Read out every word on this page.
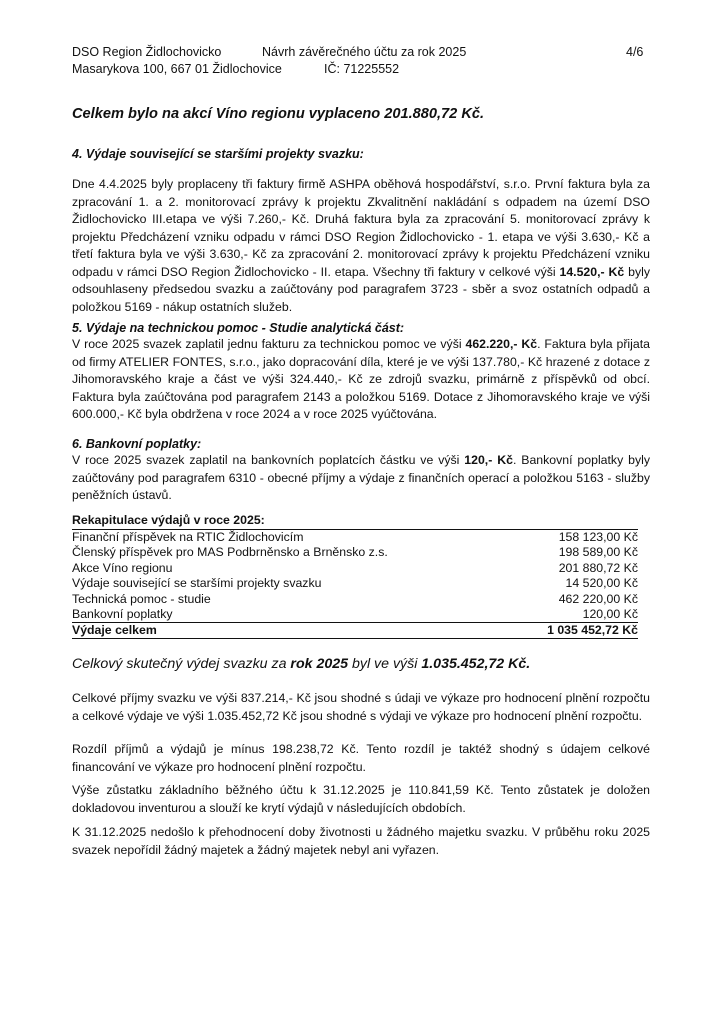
DSO Region Židlochovicko	Návrh závěrečného účtu za rok 2025	4/6
Masarykova 100, 667 01 Židlochovice	IČ: 71225552
Celkem bylo na akcí Víno regionu vyplaceno 201.880,72 Kč.
4. Výdaje související se staršími projekty svazku:

Dne 4.4.2025 byly proplaceny tři faktury firmě ASHPA oběhová hospodářství, s.r.o. První faktura byla za zpracování 1. a 2. monitorovací zprávy k projektu Zkvalitnění nakládání s odpadem na území DSO Židlochovicko III.etapa ve výši 7.260,- Kč. Druhá faktura byla za zpracování 5. monitorovací zprávy k projektu Předcházení vzniku odpadu v rámci DSO Region Židlochovicko - 1. etapa ve výši 3.630,- Kč a třetí faktura byla ve výši 3.630,- Kč za zpracování 2. monitorovací zprávy k projektu Předcházení vzniku odpadu v rámci DSO Region Židlochovicko - II. etapa. Všechny tři faktury v celkové výši 14.520,- Kč byly odsouhlaseny předsedou svazku a zaúčtovány pod paragrafem 3723 - sběr a svoz ostatních odpadů a položkou 5169 - nákup ostatních služeb.

5. Výdaje na technickou pomoc - Studie analytická část:

V roce 2025 svazek zaplatil jednu fakturu za technickou pomoc ve výši 462.220,- Kč. Faktura byla přijata od firmy ATELIER FONTES, s.r.o., jako dopracování díla, které je ve výši 137.780,- Kč hrazené z dotace z Jihomoravského kraje a část ve výši 324.440,- Kč ze zdrojů svazku, primárně z příspěvků od obcí. Faktura byla zaúčtována pod paragrafem 2143 a položkou 5169. Dotace z Jihomoravského kraje ve výši 600.000,- Kč byla obdržena v roce 2024 a v roce 2025 vyúčtována.

6. Bankovní poplatky:

V roce 2025 svazek zaplatil na bankovních poplatcích částku ve výši 120,- Kč. Bankovní poplatky byly zaúčtovány pod paragrafem 6310 - obecné příjmy a výdaje z finančních operací a položkou 5163 - služby peněžních ústavů.

Rekapitulace výdajů v roce 2025:
Finanční příspěvek na RTIC Židlochovicím	158 123,00 Kč
Členský příspěvek pro MAS Podbrněnsko a Brněnsko z.s.	198 589,00 Kč
Akce Víno regionu	201 880,72 Kč
Výdaje související se staršími projekty svazku	14 520,00 Kč
Technická pomoc - studie	462 220,00 Kč
Bankovní poplatky	120,00 Kč
Výdaje celkem	1 035 452,72 Kč
Celkový skutečný výdej svazku za rok 2025 byl ve výši 1.035.452,72 Kč.

Celkové příjmy svazku ve výši 837.214,- Kč jsou shodné s údaji ve výkaze pro hodnocení plnění rozpočtu a celkové výdaje ve výši 1.035.452,72 Kč jsou shodné s výdaji ve výkaze pro hodnocení plnění rozpočtu.

Rozdíl příjmů a výdajů je mínus 198.238,72 Kč. Tento rozdíl je taktéž shodný s údajem celkové financování ve výkaze pro hodnocení plnění rozpočtu.

Výše zůstatku základního běžného účtu k 31.12.2025 je 110.841,59 Kč. Tento zůstatek je doložen dokladovou inventurou a slouží ke krytí výdajů v následujících obdobích.

K 31.12.2025 nedošlo k přehodnocení doby životnosti u žádného majetku svazku. V průběhu roku 2025 svazek nepořídil žádný majetek a žádný majetek nebyl ani vyřazen.
